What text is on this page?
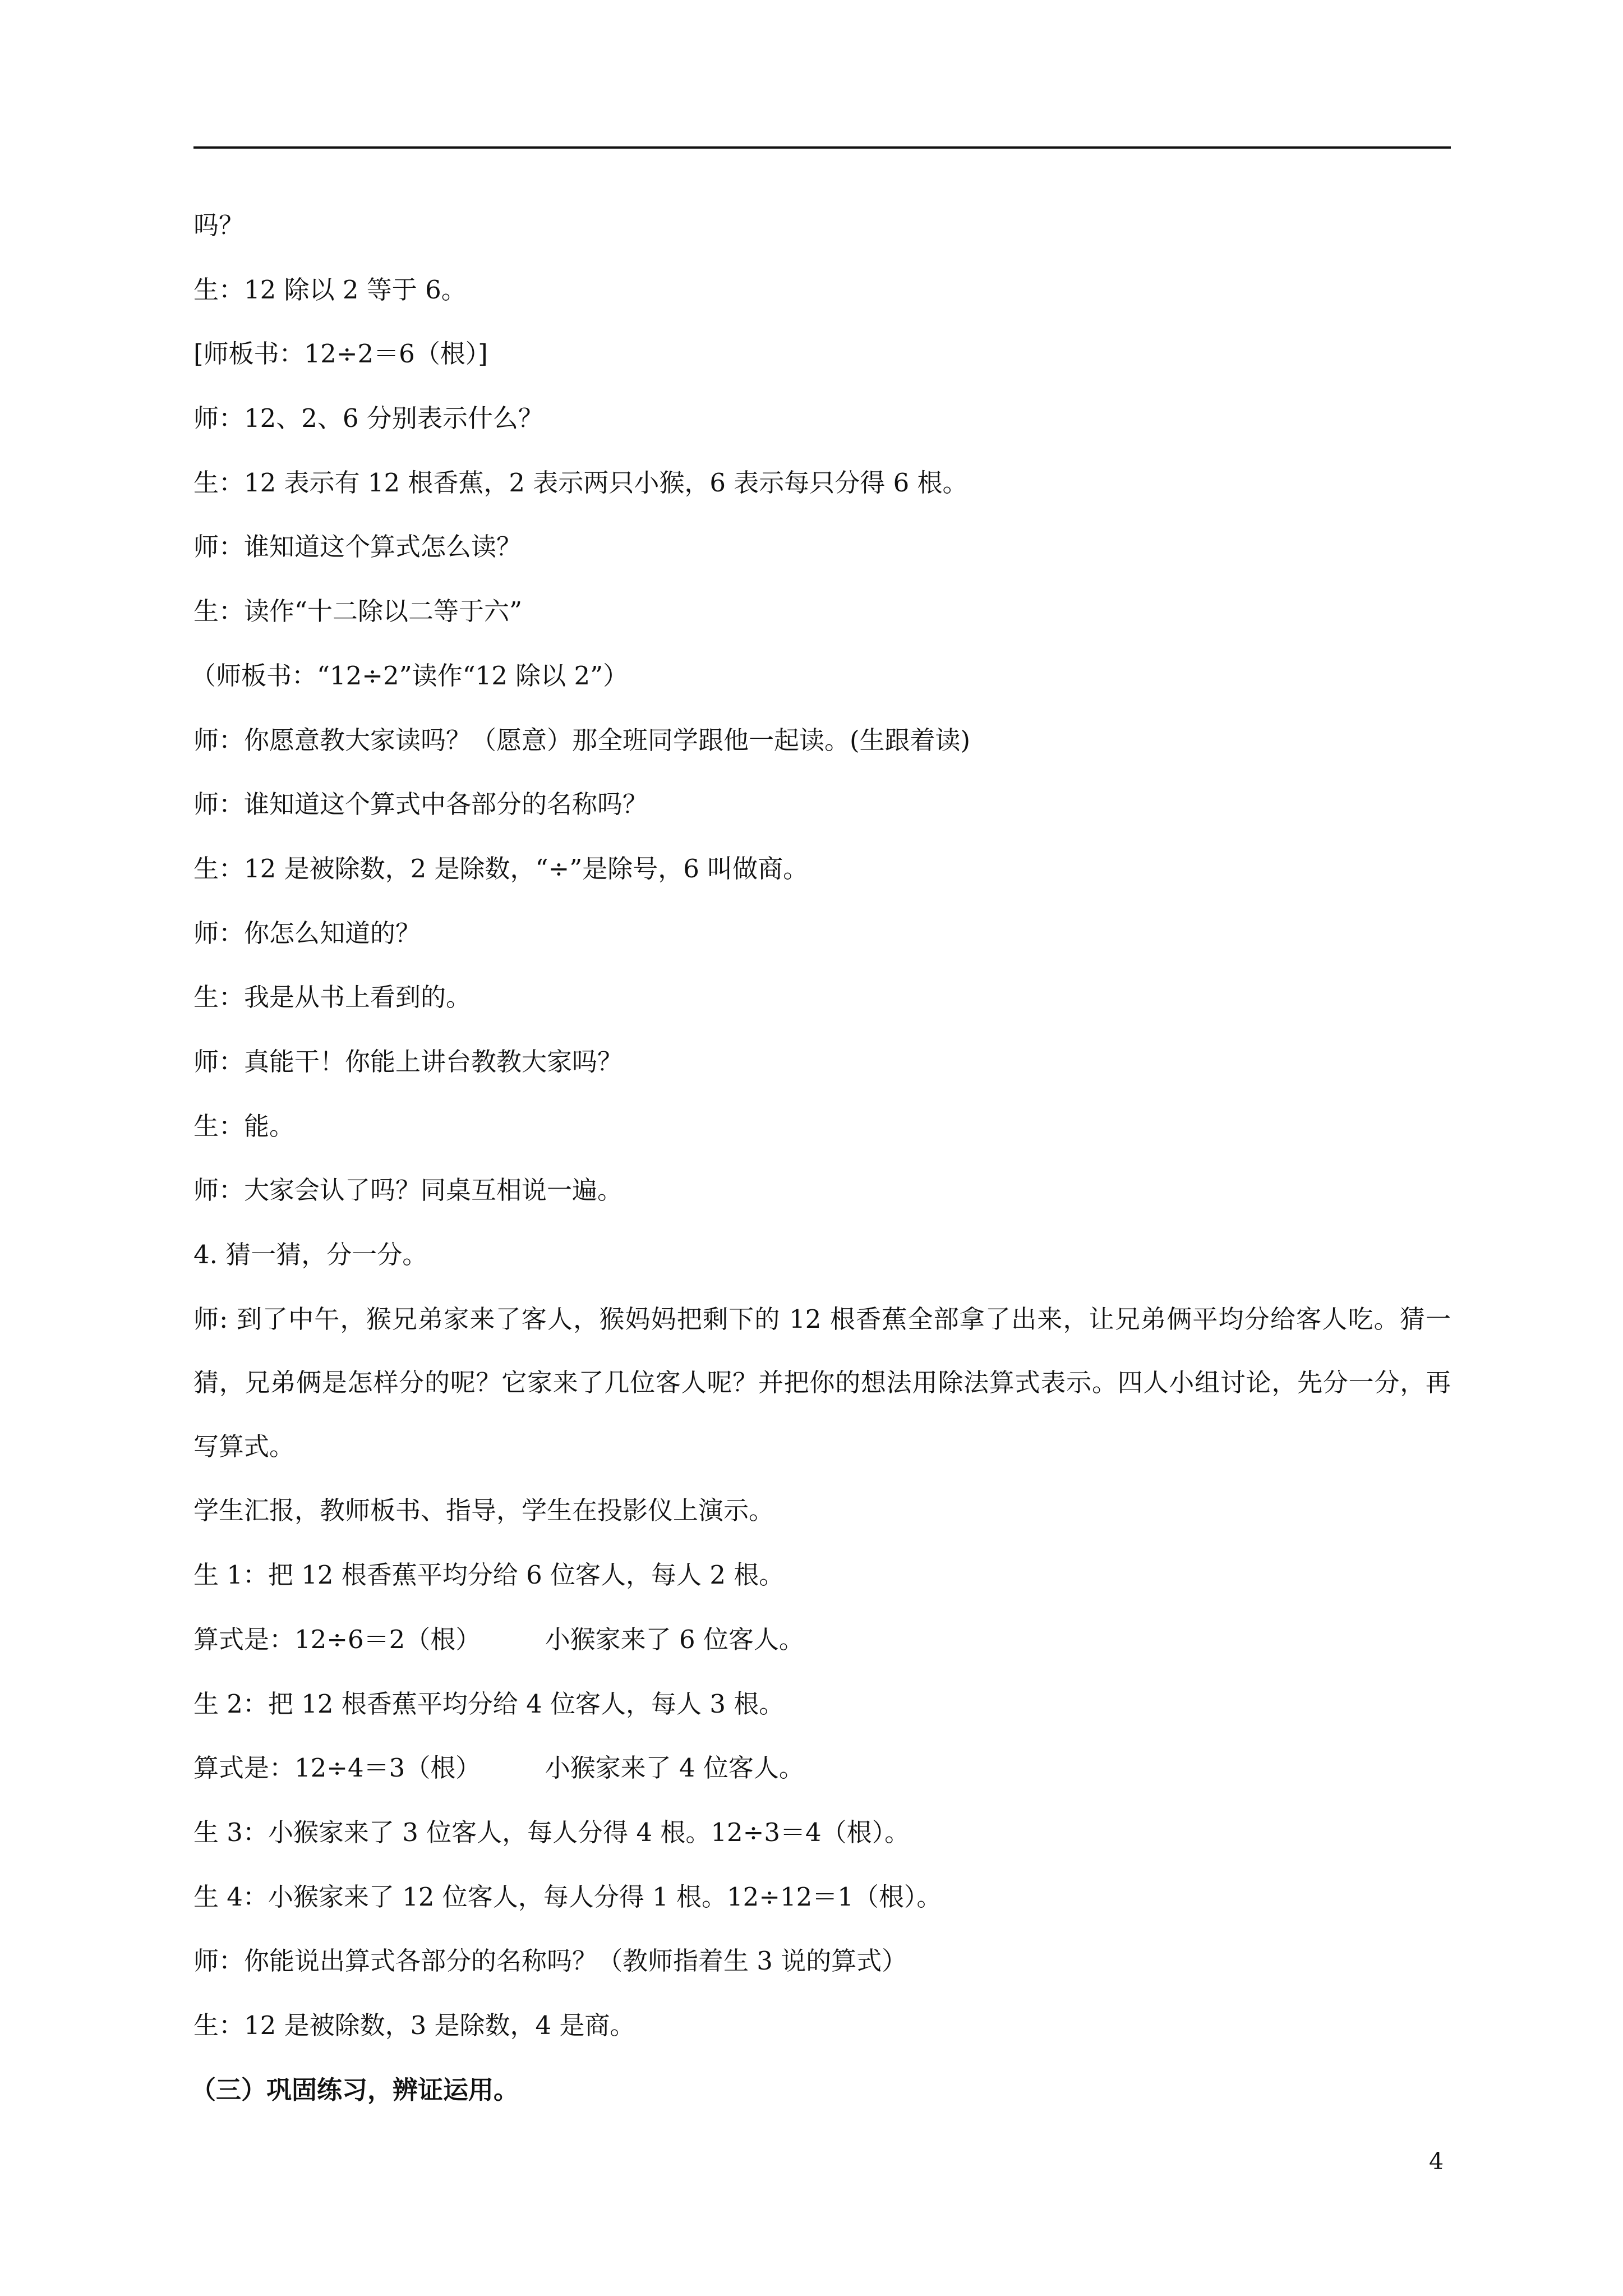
吗？
生：12 除以 2 等于 6。
[师板书：12÷2＝6（根）]
师：12、2、6 分别表示什么？
生：12 表示有 12 根香蕉，2 表示两只小猴，6 表示每只分得 6 根。
师：谁知道这个算式怎么读？
生：读作“十二除以二等于六”
（师板书：“12÷2”读作“12 除以 2”）
师：你愿意教大家读吗？（愿意）那全班同学跟他一起读。(生跟着读)
师：谁知道这个算式中各部分的名称吗？
生：12 是被除数，2 是除数，“÷”是除号，6 叫做商。
师：你怎么知道的？
生：我是从书上看到的。
师：真能干！你能上讲台教教大家吗？
生：能。
师：大家会认了吗？同桌互相说一遍。
4. 猜一猜，分一分。
师: 到了中午，猴兄弟家来了客人，猴妈妈把剩下的 12 根香蕉全部拿了出来，让兄弟俩平均分给客人吃。猜一猜，兄弟俩是怎样分的呢？它家来了几位客人呢？并把你的想法用除法算式表示。四人小组讨论，先分一分，再写算式。
学生汇报，教师板书、指导，学生在投影仪上演示。
生 1：把 12 根香蕉平均分给 6 位客人，每人 2 根。
算式是：12÷6＝2（根）        小猴家来了 6 位客人。
生 2：把 12 根香蕉平均分给 4 位客人，每人 3 根。
算式是：12÷4＝3（根）        小猴家来了 4 位客人。
生 3：小猴家来了 3 位客人，每人分得 4 根。12÷3＝4（根）。
生 4：小猴家来了 12 位客人，每人分得 1 根。12÷12＝1（根）。
师：你能说出算式各部分的名称吗？（教师指着生 3 说的算式）
生：12 是被除数，3 是除数，4 是商。
（三）巩固练习，辨证运用。
4
